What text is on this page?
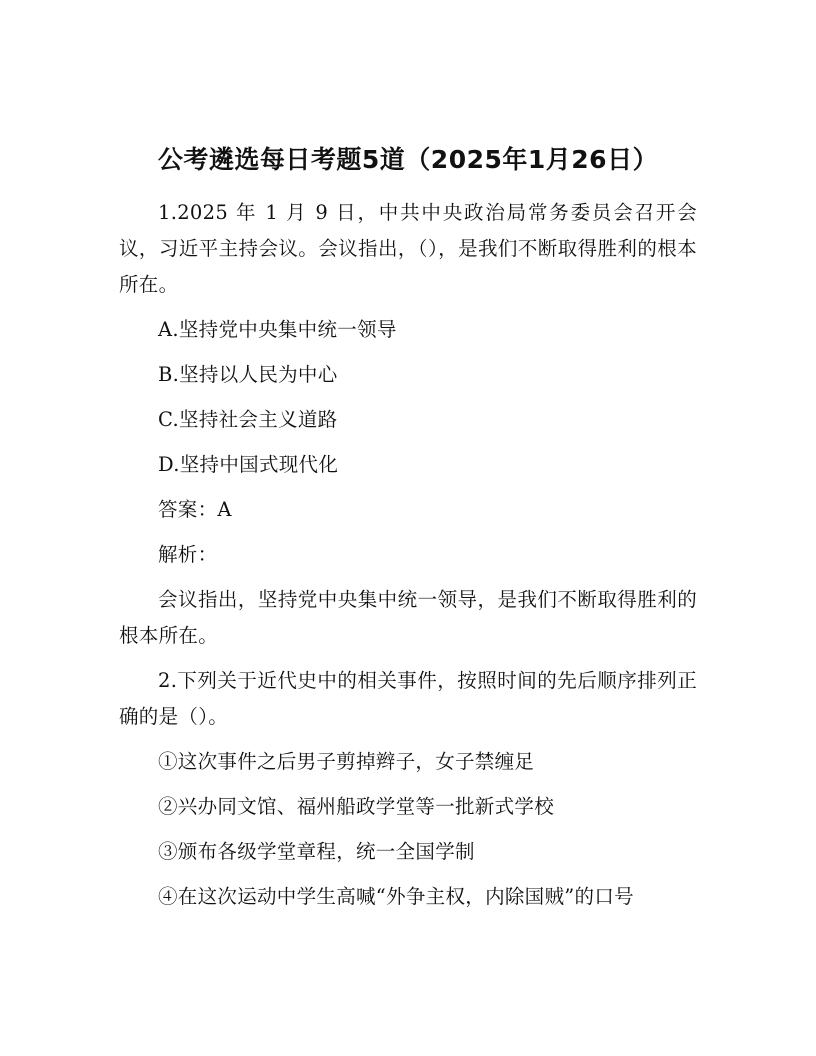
公考遴选每日考题5道（2025年1月26日）

1.2025 年 1 月 9 日，中共中央政治局常务委员会召开会议，习近平主持会议。会议指出，（），是我们不断取得胜利的根本所在。

A.坚持党中央集中统一领导

B.坚持以人民为中心

C.坚持社会主义道路

D.坚持中国式现代化

答案：A

解析：

会议指出，坚持党中央集中统一领导，是我们不断取得胜利的根本所在。

2.下列关于近代史中的相关事件，按照时间的先后顺序排列正确的是（）。

①这次事件之后男子剪掉辫子，女子禁缠足

②兴办同文馆、福州船政学堂等一批新式学校

③颁布各级学堂章程，统一全国学制

④在这次运动中学生高喊“外争主权，内除国贼”的口号
